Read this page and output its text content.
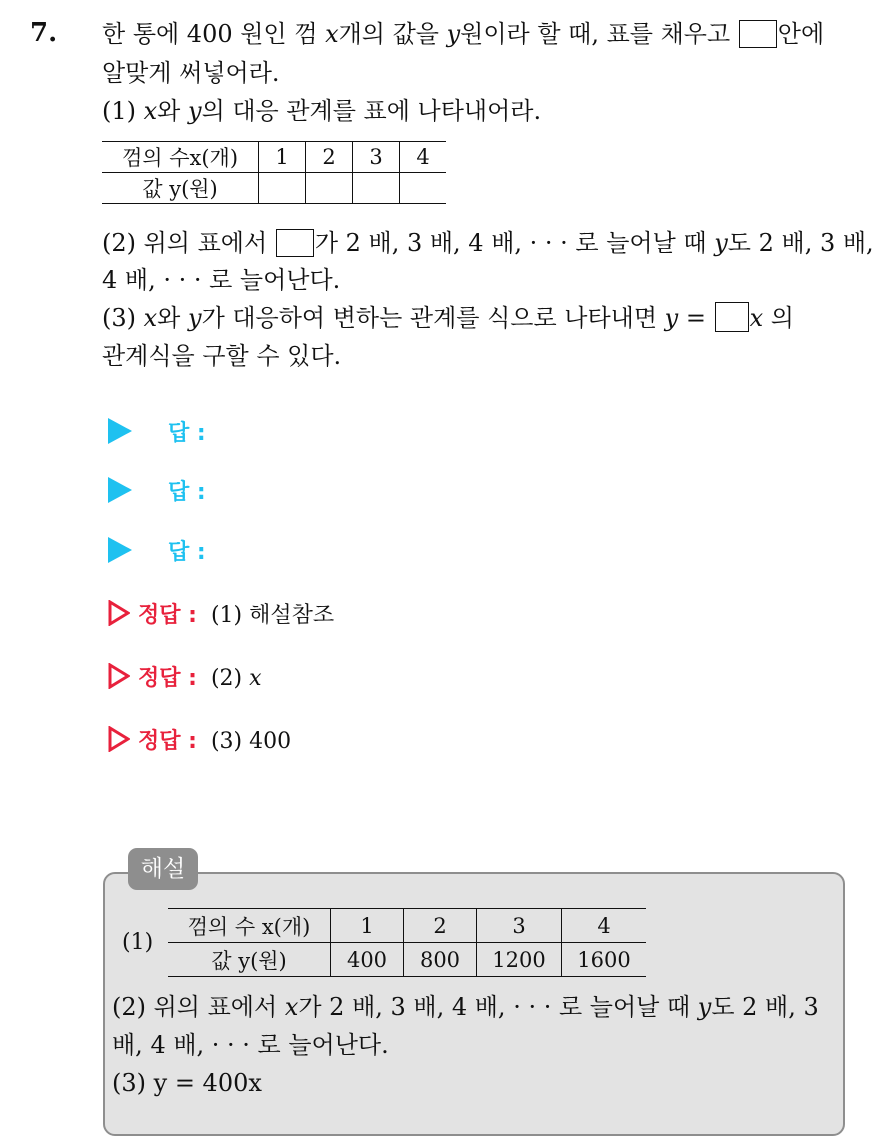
7. 한 통에 400 원인 껌 x개의 값을 y원이라 할 때, 표를 채우고 안에
알맞게 써넣어라.
(1) x와 y의 대응 관계를 표에 나타내어라.
껌의 수x(개)	1	2	3	4
값 y(원)				
(2) 위의 표에서 가 2 배, 3 배, 4 배, · · · 로 늘어날 때 y도 2 배, 3 배,
4 배, · · · 로 늘어난다.
(3) x와 y가 대응하여 변하는 관계를 식으로 나타내면 y = x 의
관계식을 구할 수 있다.
답 :
답 :
답 :
정답 : (1) 해설참조
정답 : (2) x
정답 : (3) 400
해설
(1)
껌의 수 x(개)	1	2	3	4
값 y(원)	400	800	1200	1600
(2) 위의 표에서 x가 2 배, 3 배, 4 배, · · · 로 늘어날 때 y도 2 배, 3
배, 4 배, · · · 로 늘어난다.
(3) y = 400x
